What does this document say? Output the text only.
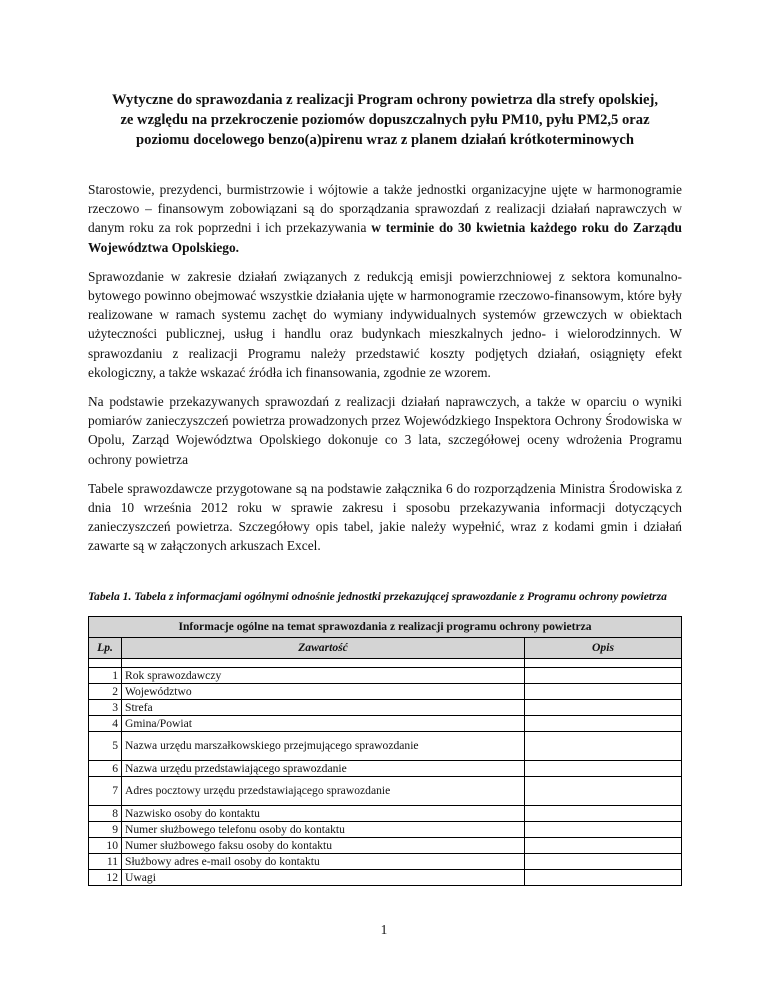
Wytyczne do sprawozdania z realizacji Program ochrony powietrza dla strefy opolskiej,
ze względu na przekroczenie poziomów dopuszczalnych pyłu PM10, pyłu PM2,5 oraz
poziomu docelowego benzo(a)pirenu wraz z planem działań krótkoterminowych

Starostowie, prezydenci, burmistrzowie i wójtowie a także jednostki organizacyjne ujęte w harmonogramie rzeczowo – finansowym zobowiązani są do sporządzania sprawozdań z realizacji działań naprawczych w danym roku za rok poprzedni i ich przekazywania w terminie do 30 kwietnia każdego roku do Zarządu Województwa Opolskiego.

Sprawozdanie w zakresie działań związanych z redukcją emisji powierzchniowej z sektora komunalno-bytowego powinno obejmować wszystkie działania ujęte w harmonogramie rzeczowo-finansowym, które były realizowane w ramach systemu zachęt do wymiany indywidualnych systemów grzewczych w obiektach użyteczności publicznej, usług i handlu oraz budynkach mieszkalnych jedno- i wielorodzinnych. W sprawozdaniu z realizacji Programu należy przedstawić koszty podjętych działań, osiągnięty efekt ekologiczny, a także wskazać źródła ich finansowania, zgodnie ze wzorem.

Na podstawie przekazywanych sprawozdań z realizacji działań naprawczych, a także w oparciu o wyniki pomiarów zanieczyszczeń powietrza prowadzonych przez Wojewódzkiego Inspektora Ochrony Środowiska w Opolu, Zarząd Województwa Opolskiego dokonuje co 3 lata, szczegółowej oceny wdrożenia Programu ochrony powietrza

Tabele sprawozdawcze przygotowane są na podstawie załącznika 6 do rozporządzenia Ministra Środowiska z dnia 10 września 2012 roku w sprawie zakresu i sposobu przekazywania informacji dotyczących zanieczyszczeń powietrza. Szczegółowy opis tabel, jakie należy wypełnić, wraz z kodami gmin i działań zawarte są w załączonych arkuszach Excel.

Tabela 1. Tabela z informacjami ogólnymi odnośnie jednostki przekazującej sprawozdanie z Programu ochrony powietrza

Informacje ogólne na temat sprawozdania z realizacji programu ochrony powietrza		
Lp.	Zawartość	Opis

1	Rok sprawozdawczy	
2	Województwo	
3	Strefa	
4	Gmina/Powiat	
5	Nazwa urzędu marszałkowskiego przejmującego sprawozdanie	
6	Nazwa urzędu przedstawiającego sprawozdanie	
7	Adres pocztowy urzędu przedstawiającego sprawozdanie	
8	Nazwisko osoby do kontaktu	
9	Numer służbowego telefonu osoby do kontaktu	
10	Numer służbowego faksu osoby do kontaktu	
11	Służbowy adres e-mail osoby do kontaktu	
12	Uwagi	
1
